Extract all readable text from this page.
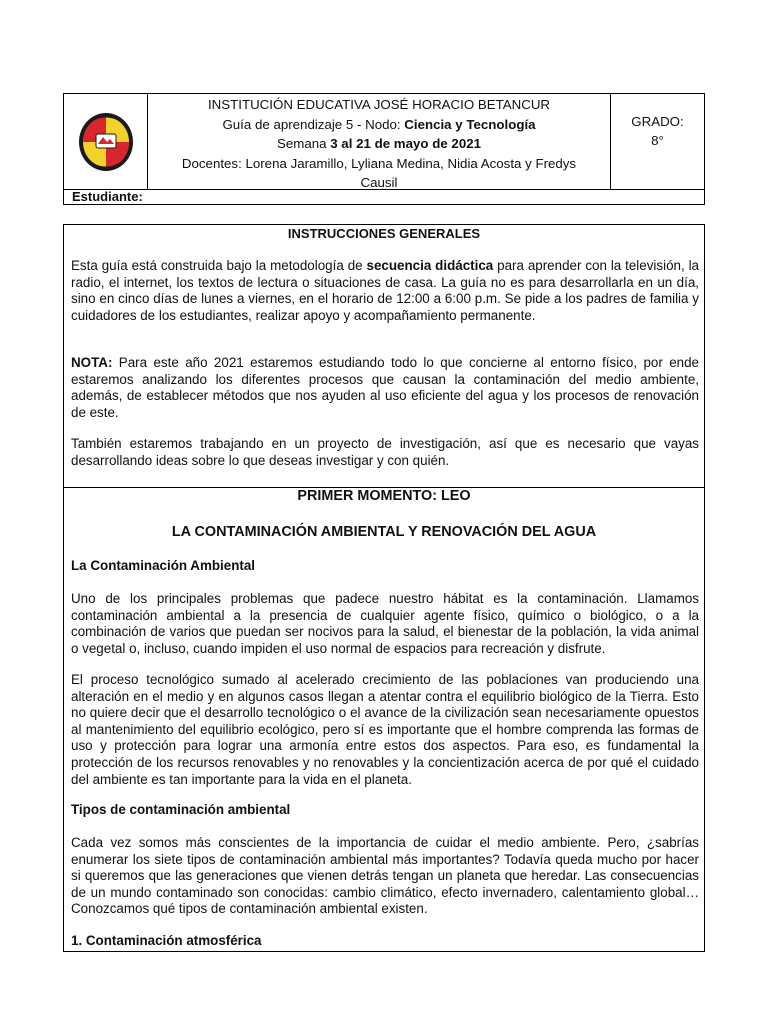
INSTITUCIÓN EDUCATIVA JOSÉ HORACIO BETANCUR
Guía de aprendizaje 5 - Nodo: Ciencia y Tecnología
Semana 3 al 21 de mayo de 2021
Docentes: Lorena Jaramillo, Lyliana Medina, Nidia Acosta y Fredys Causil
GRADO:
8°
Estudiante:
INSTRUCCIONES GENERALES
Esta guía está construida bajo la metodología de secuencia didáctica para aprender con la televisión, la radio, el internet, los textos de lectura o situaciones de casa. La guía no es para desarrollarla en un día, sino en cinco días de lunes a viernes, en el horario de 12:00 a 6:00 p.m. Se pide a los padres de familia y cuidadores de los estudiantes, realizar apoyo y acompañamiento permanente.
NOTA: Para este año 2021 estaremos estudiando todo lo que concierne al entorno físico, por ende estaremos analizando los diferentes procesos que causan la contaminación del medio ambiente, además, de establecer métodos que nos ayuden al uso eficiente del agua y los procesos de renovación de este.
También estaremos trabajando en un proyecto de investigación, así que es necesario que vayas desarrollando ideas sobre lo que deseas investigar y con quién.
PRIMER MOMENTO: LEO
LA CONTAMINACIÓN AMBIENTAL Y RENOVACIÓN DEL AGUA
La Contaminación Ambiental
Uno de los principales problemas que padece nuestro hábitat es la contaminación. Llamamos contaminación ambiental a la presencia de cualquier agente físico, químico o biológico, o a la combinación de varios que puedan ser nocivos para la salud, el bienestar de la población, la vida animal o vegetal o, incluso, cuando impiden el uso normal de espacios para recreación y disfrute.
El proceso tecnológico sumado al acelerado crecimiento de las poblaciones van produciendo una alteración en el medio y en algunos casos llegan a atentar contra el equilibrio biológico de la Tierra. Esto no quiere decir que el desarrollo tecnológico o el avance de la civilización sean necesariamente opuestos al mantenimiento del equilibrio ecológico, pero sí es importante que el hombre comprenda las formas de uso y protección para lograr una armonía entre estos dos aspectos. Para eso, es fundamental la protección de los recursos renovables y no renovables y la concientización acerca de por qué el cuidado del ambiente es tan importante para la vida en el planeta.
Tipos de contaminación ambiental
Cada vez somos más conscientes de la importancia de cuidar el medio ambiente. Pero, ¿sabrías enumerar los siete tipos de contaminación ambiental más importantes? Todavía queda mucho por hacer si queremos que las generaciones que vienen detrás tengan un planeta que heredar. Las consecuencias de un mundo contaminado son conocidas: cambio climático, efecto invernadero, calentamiento global… Conozcamos qué tipos de contaminación ambiental existen.
1. Contaminación atmosférica
